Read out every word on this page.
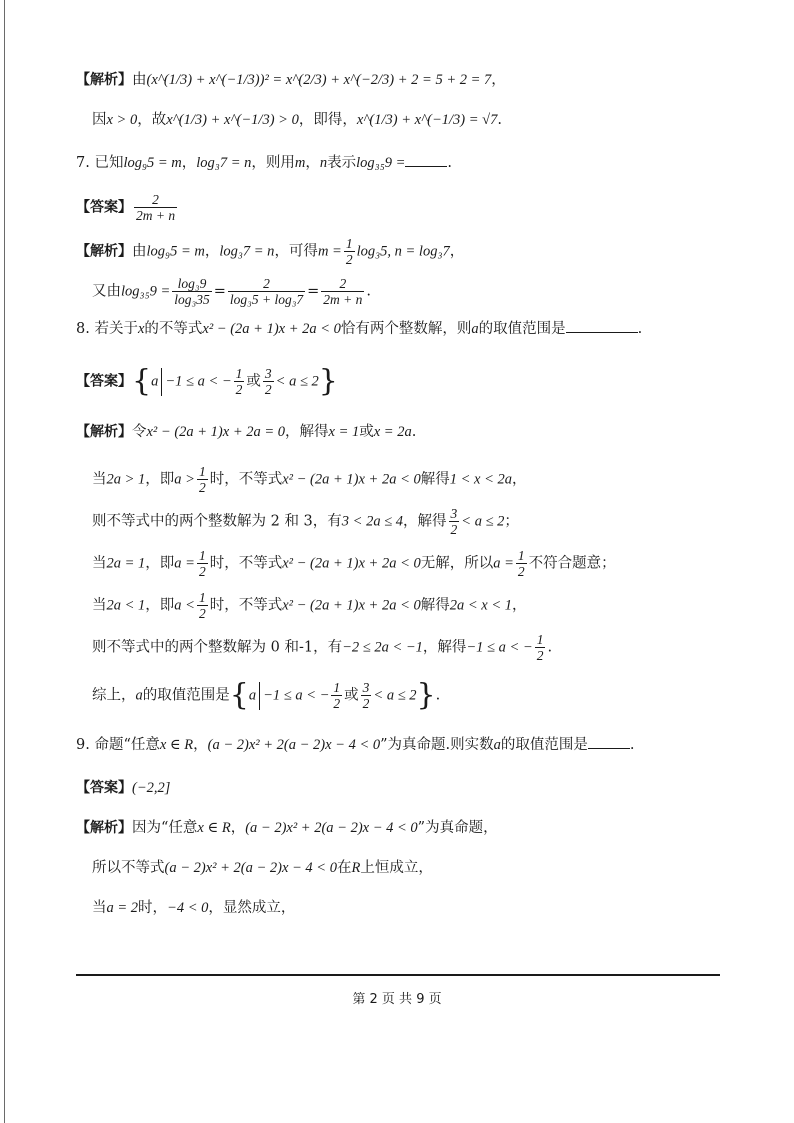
【解析】由(x^(1/3) + x^(−1/3))² = x^(2/3) + x^(−2/3) + 2 = 5 + 2 = 7，
因x > 0，故x^(1/3) + x^(−1/3) > 0，即得，x^(1/3) + x^(−1/3) = √7.
7. 已知log₉5 = m，log₃7 = n，则用m，n表示log₃₅9 =	.
【答案】 $\frac{2}{2m + n}$
【解析】由log₉5 = m，log₃7 = n，可得$m = \frac{1}{2} \log_35$, n = log₃7，
又由$\log_{35}9 = \frac{\text{log₃9}}{\text{log₃35}} = \frac{2}{\text{log₃5 + log₃7}} = \frac{2}{2m + n}$ .
8. 若关于x的不等式x² − (2a + 1)x + 2a < 0恰有两个整数解，则a的取值范围是	.
【答案】{a −1 ≤ a < − $\frac{1}{2}$ 或 $\frac{3}{2} < a \le 2$}
【解析】令x² − (2a + 1)x + 2a = 0，解得x = 1或x = 2a.
当2a > 1，即$a > \frac{1}{2}$ 时，不等式x² − (2a + 1)x + 2a < 0解得1 < x < 2a，
则不等式中的两个整数解为 2 和 3，有3 < 2a ≤ 4，解得 $\frac{3}{2} < a \le 2$；
当2a = 1，即$a = \frac{1}{2}$ 时，不等式x² − (2a + 1)x + 2a < 0无解，所以$a = \frac{1}{2}$ 不符合题意；
当2a < 1，即$a < \frac{1}{2}$ 时，不等式x² − (2a + 1)x + 2a < 0解得2a < x < 1，
则不等式中的两个整数解为 0 和-1，有−2 ≤ 2a < −1，解得−1 ≤ a < − $\frac{1}{2}$ .
综上，a的取值范围是{a −1 ≤ a < − $\frac{1}{2}$ 或 $\frac{3}{2} < a \le 2$}.
9. 命题“任意x ∈ R，(a − 2)x² + 2(a − 2)x − 4 < 0”为真命题.则实数a的取值范围是	.
【答案】(−2,2]
【解析】因为“任意x ∈ R，(a − 2)x² + 2(a − 2)x − 4 < 0”为真命题，
所以不等式(a − 2)x² + 2(a − 2)x − 4 < 0在R上恒成立，
当a = 2时，−4 < 0，显然成立，
第 2 页 共 9 页
